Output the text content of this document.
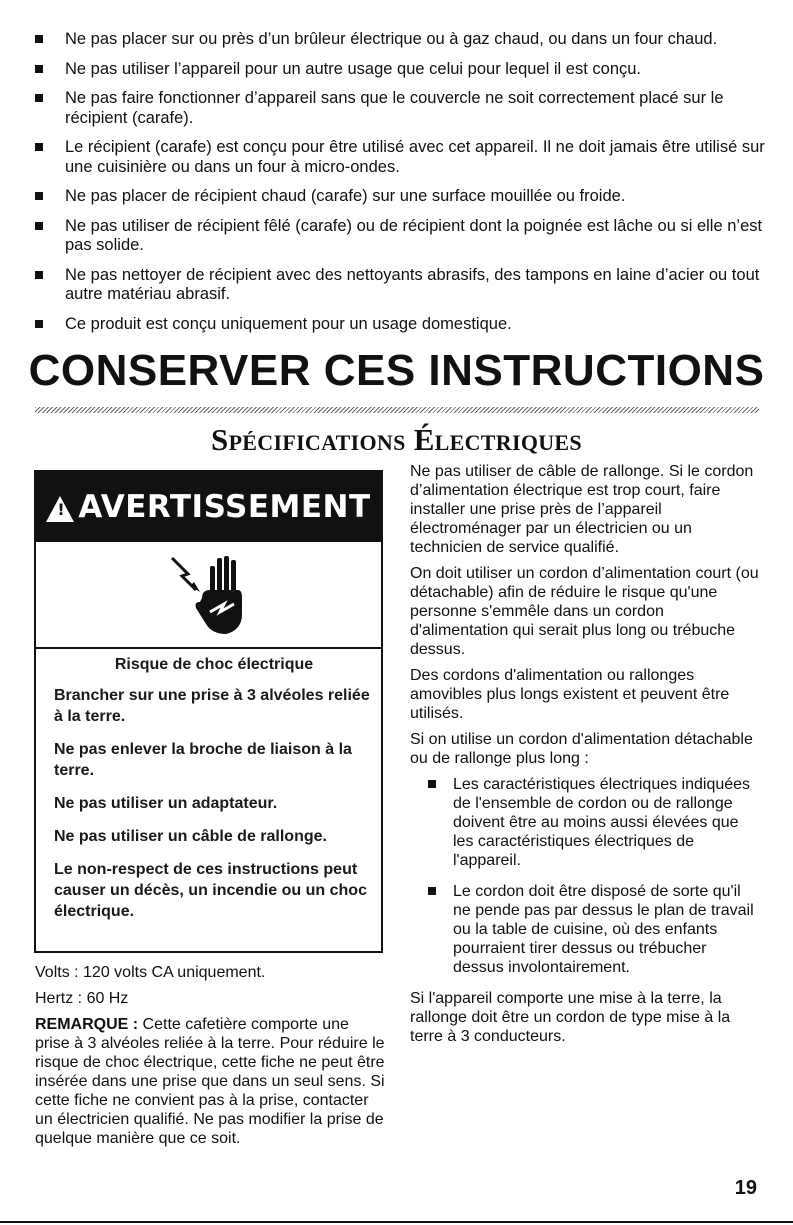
Ne pas placer sur ou près d’un brûleur électrique ou à gaz chaud, ou dans un four chaud.
Ne pas utiliser l’appareil pour un autre usage que celui pour lequel il est conçu.
Ne pas faire fonctionner d’appareil sans que le couvercle ne soit correctement placé sur le récipient (carafe).
Le récipient (carafe) est conçu pour être utilisé avec cet appareil. Il ne doit jamais être utilisé sur une cuisinière ou dans un four à micro-ondes.
Ne pas placer de récipient chaud (carafe) sur une surface mouillée ou froide.
Ne pas utiliser de récipient fêlé (carafe) ou de récipient dont la poignée est lâche ou si elle n’est pas solide.
Ne pas nettoyer de récipient avec des nettoyants abrasifs, des tampons en laine d’acier ou tout autre matériau abrasif.
Ce produit est conçu uniquement pour un usage domestique.
CONSERVER CES INSTRUCTIONS
Spécifications Électriques
!
AVERTISSEMENT

Risque de choc électrique

Brancher sur une prise à 3 alvéoles reliée à la terre.

Ne pas enlever la broche de liaison à la terre.

Ne pas utiliser un adaptateur.

Ne pas utiliser un câble de rallonge.

Le non-respect de ces instructions peut causer un décès, un incendie ou un choc électrique.

Volts : 120 volts CA uniquement.

Hertz : 60 Hz

REMARQUE : Cette cafetière comporte une prise à 3 alvéoles reliée à la terre. Pour réduire le risque de choc électrique, cette fiche ne peut être insérée dans une prise que dans un seul sens. Si cette fiche ne convient pas à la prise, contacter un électricien qualifié. Ne pas modifier la prise de quelque manière que ce soit.

Ne pas utiliser de câble de rallonge. Si le cordon d’alimentation électrique est trop court, faire installer une prise près de l’appareil électroménager par un électricien ou un technicien de service qualifié.

On doit utiliser un cordon d’alimentation court (ou détachable) afin de réduire le risque qu'une personne s'emmêle dans un cordon d'alimentation qui serait plus long ou trébuche dessus.

Des cordons d'alimentation ou rallonges amovibles plus longs existent et peuvent être utilisés.

Si on utilise un cordon d'alimentation détachable ou de rallonge plus long :

Les caractéristiques électriques indiquées de l'ensemble de cordon ou de rallonge doivent être au moins aussi élevées que les caractéristiques électriques de l'appareil.
Le cordon doit être disposé de sorte qu'il ne pende pas par dessus le plan de travail ou la table de cuisine, où des enfants pourraient tirer dessus ou trébucher dessus involontairement.

Si l'appareil comporte une mise à la terre, la rallonge doit être un cordon de type mise à la terre à 3 conducteurs.

19
